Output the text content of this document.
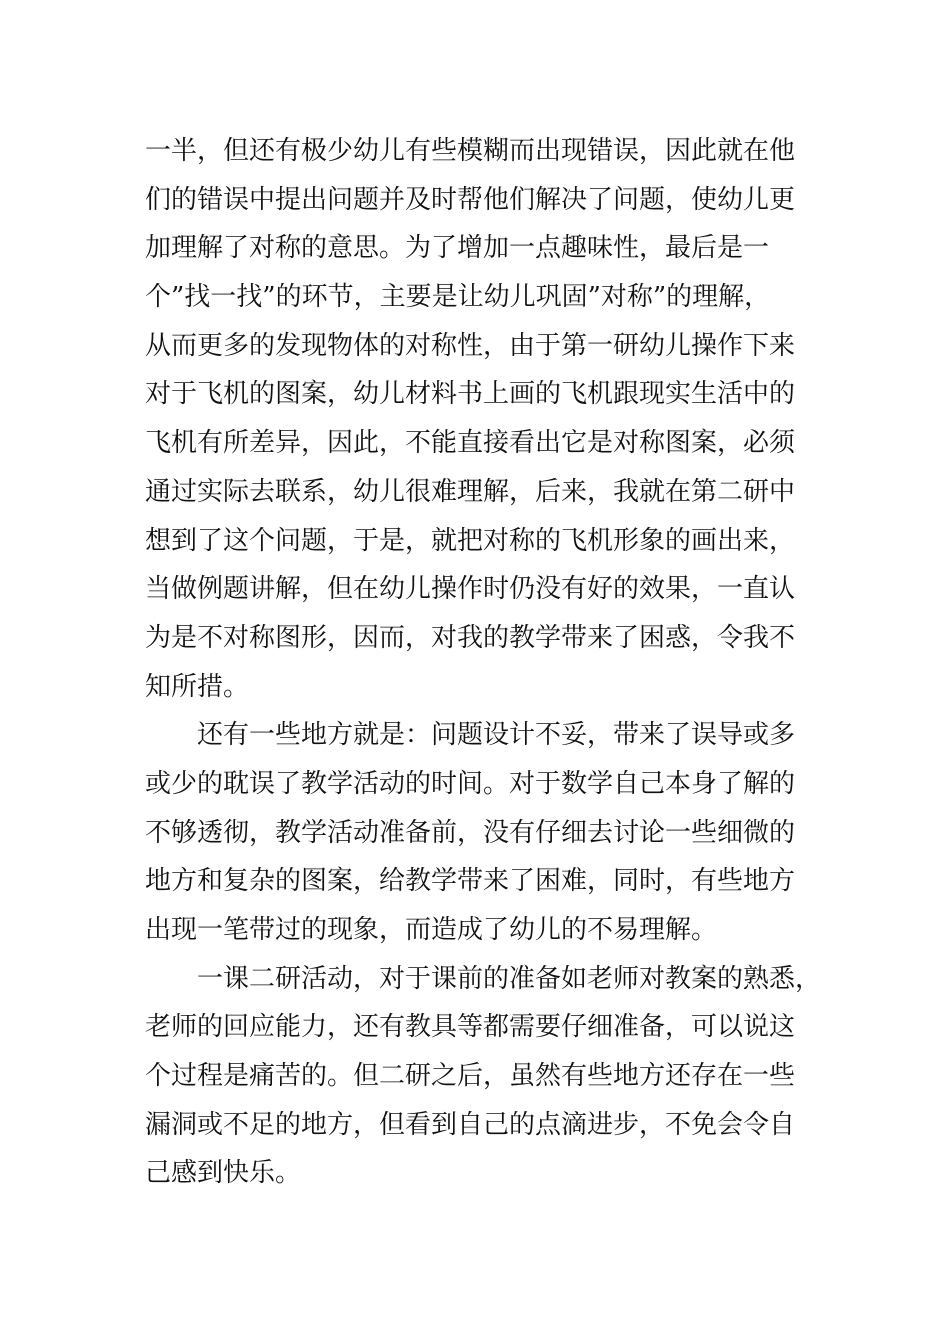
一半，但还有极少幼儿有些模糊而出现错误，因此就在他
们的错误中提出问题并及时帮他们解决了问题，使幼儿更
加理解了对称的意思。为了增加一点趣味性，最后是一
个”找一找”的环节，主要是让幼儿巩固”对称”的理解，
从而更多的发现物体的对称性，由于第一研幼儿操作下来
对于飞机的图案，幼儿材料书上画的飞机跟现实生活中的
飞机有所差异，因此，不能直接看出它是对称图案，必须
通过实际去联系，幼儿很难理解，后来，我就在第二研中
想到了这个问题，于是，就把对称的飞机形象的画出来，
当做例题讲解，但在幼儿操作时仍没有好的效果，一直认
为是不对称图形，因而，对我的教学带来了困惑，令我不
知所措。
　　还有一些地方就是：问题设计不妥，带来了误导或多
或少的耽误了教学活动的时间。对于数学自己本身了解的
不够透彻，教学活动准备前，没有仔细去讨论一些细微的
地方和复杂的图案，给教学带来了困难，同时，有些地方
出现一笔带过的现象，而造成了幼儿的不易理解。
　　一课二研活动，对于课前的准备如老师对教案的熟悉，
老师的回应能力，还有教具等都需要仔细准备，可以说这
个过程是痛苦的。但二研之后，虽然有些地方还存在一些
漏洞或不足的地方，但看到自己的点滴进步，不免会令自
己感到快乐。
